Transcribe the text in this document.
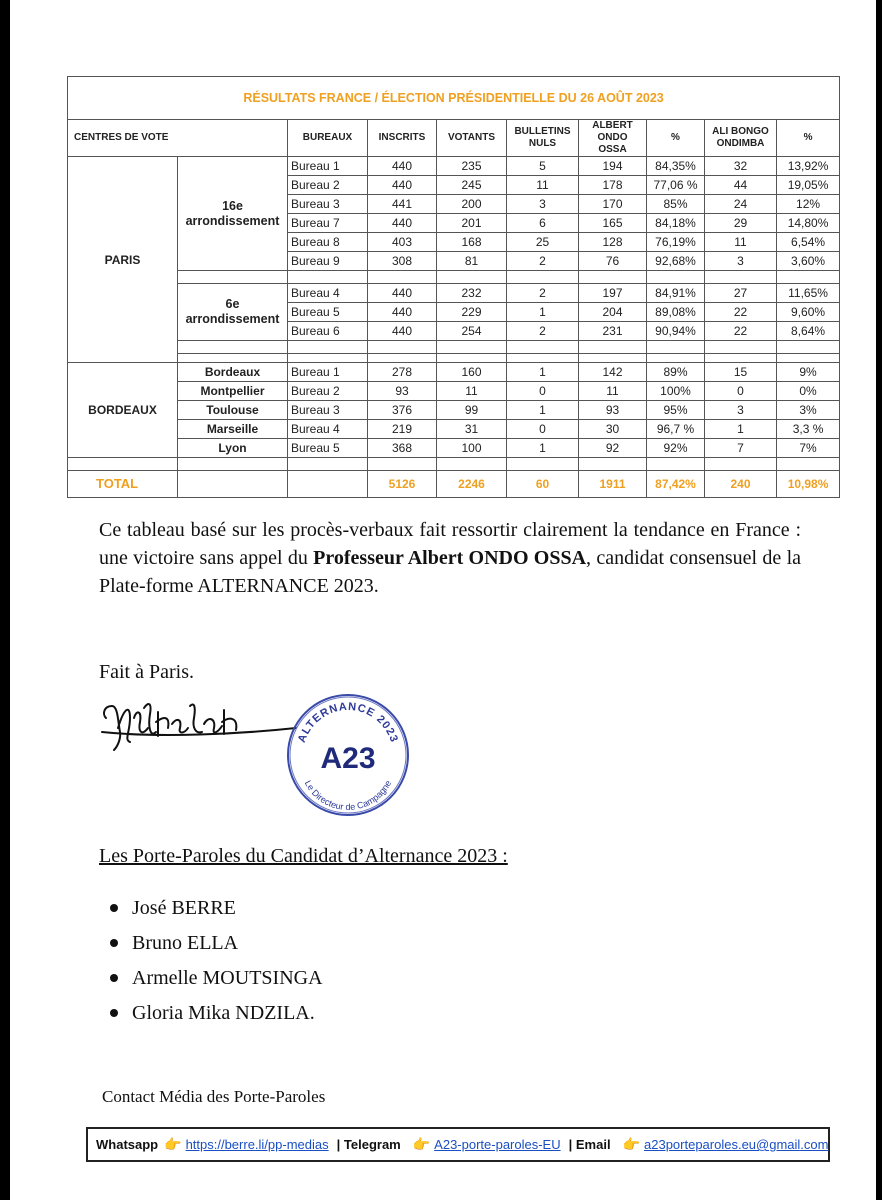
RÉSULTATS FRANCE / ÉLECTION PRÉSIDENTIELLE DU 26 AOÛT 2023										
CENTRES DE VOTE		BUREAUX	INSCRITS	VOTANTS	BULLETINS NULS	ALBERT ONDO OSSA	%	ALI BONGO ONDIMBA	%	
PARIS	16e arrondissement	Bureau 1	440	235	5	194	84,35%	32	13,92%	
		Bureau 2	440	245	11	178	77,06 %	44	19,05%	
		Bureau 3	441	200	3	170	85%	24	12%	
		Bureau 7	440	201	6	165	84,18%	29	14,80%	
		Bureau 8	403	168	25	128	76,19%	11	6,54%	
		Bureau 9	308	81	2	76	92,68%	3	3,60%	

	6e arrondissement	Bureau 4	440	232	2	197	84,91%	27	11,65%	
		Bureau 5	440	229	1	204	89,08%	22	9,60%	
		Bureau 6	440	254	2	231	90,94%	22	8,64%	

BORDEAUX	Bordeaux	Bureau 1	278	160	1	142	89%	15	9%	
	Montpellier	Bureau 2	93	11	0	11	100%	0	0%	
	Toulouse	Bureau 3	376	99	1	93	95%	3	3%	
	Marseille	Bureau 4	219	31	0	30	96,7 %	1	3,3 %	
	Lyon	Bureau 5	368	100	1	92	92%	7	7%	

TOTAL			5126	2246	60	1911	87,42%	240	10,98%	

Ce tableau basé sur les procès-verbaux fait ressortir clairement la tendance en France : une victoire sans appel du Professeur Albert ONDO OSSA, candidat consensuel de la Plate-forme ALTERNANCE 2023.

Fait à Paris.

ALTERNANCE 2023
A23
Le Directeur de Campagne

Les Porte-Paroles du Candidat d’Alternance 2023 :

José BERRE
Bruno ELLA
Armelle MOUTSINGA
Gloria Mika NDZILA.

Contact Média des Porte-Paroles

Whatsapp 👉 https://berre.li/pp-medias | Telegram 👉 A23-porte-paroles-EU | Email 👉 a23porteparoles.eu@gmail.com
